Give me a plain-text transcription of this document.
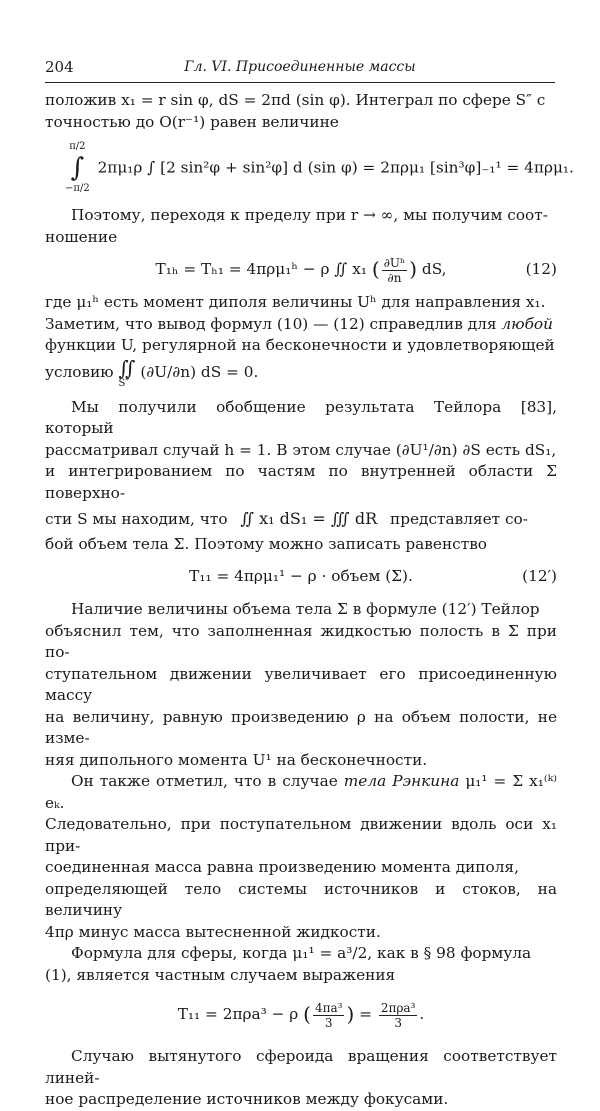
204	Гл. VI. Присоединенные массы

положив x₁ = r sin φ, dS = 2πd (sin φ). Интеграл по сфере S″ с

точностью до O(r⁻¹) равен величине

π/2
∫
−π/2
2πμ₁ρ ∫ [2 sin²φ + sin²φ] d (sin φ) = 2πρμ₁ [sin³φ]₋₁¹ = 4πρμ₁.

Поэтому, переходя к пределу при r → ∞, мы получим соот-

ношение

T₁ₕ = Tₕ₁ = 4πρμ₁ʰ − ρ ∬ x₁ ( $\frac{\text{∂Uʰ}}{\partial n}$ ) dS,	(12)

где μ₁ʰ есть момент диполя величины Uʰ для направления x₁.

Заметим, что вывод формул (10) — (12) справедлив для любой

функции U, регулярной на бесконечности и удовлетворяющей

условию ∬
S″
(∂U/∂n) dS = 0.

Мы получили обобщение результата Тейлора [83], который

рассматривал случай h = 1. В этом случае (∂U¹/∂n) ∂S есть dS₁,

и интегрированием по частям по внутренней области Σ поверхно-

сти S мы находим, что ∬ x₁ dS₁ = ∭ dR представляет со-

бой объем тела Σ. Поэтому можно записать равенство

T₁₁ = 4πρμ₁¹ − ρ · объем (Σ).	(12′)

Наличие величины объема тела Σ в формуле (12′) Тейлор

объяснил тем, что заполненная жидкостью полость в Σ при по-

ступательном движении увеличивает его присоединенную массу

на величину, равную произведению ρ на объем полости, не изме-

няя дипольного момента U¹ на бесконечности.

Он также отметил, что в случае тела Рэнкина μ₁¹ = Σ x₁⁽ᵏ⁾eₖ.

Следовательно, при поступательном движении вдоль оси x₁ при-

соединенная масса равна произведению момента диполя,

определяющей тело системы источников и стоков, на величину

4πρ минус масса вытесненной жидкости.

Формула для сферы, когда μ₁¹ = a³/2, как в § 98 формула

(1), является частным случаем выражения

T₁₁ = 2πρa³ − ρ ( $\frac{\text{4πa³}}{3}$ ) = $\frac{\text{2πρa³}}{3}$ .

Случаю вытянутого сфероида вращения соответствует линей-

ное распределение источников между фокусами.
